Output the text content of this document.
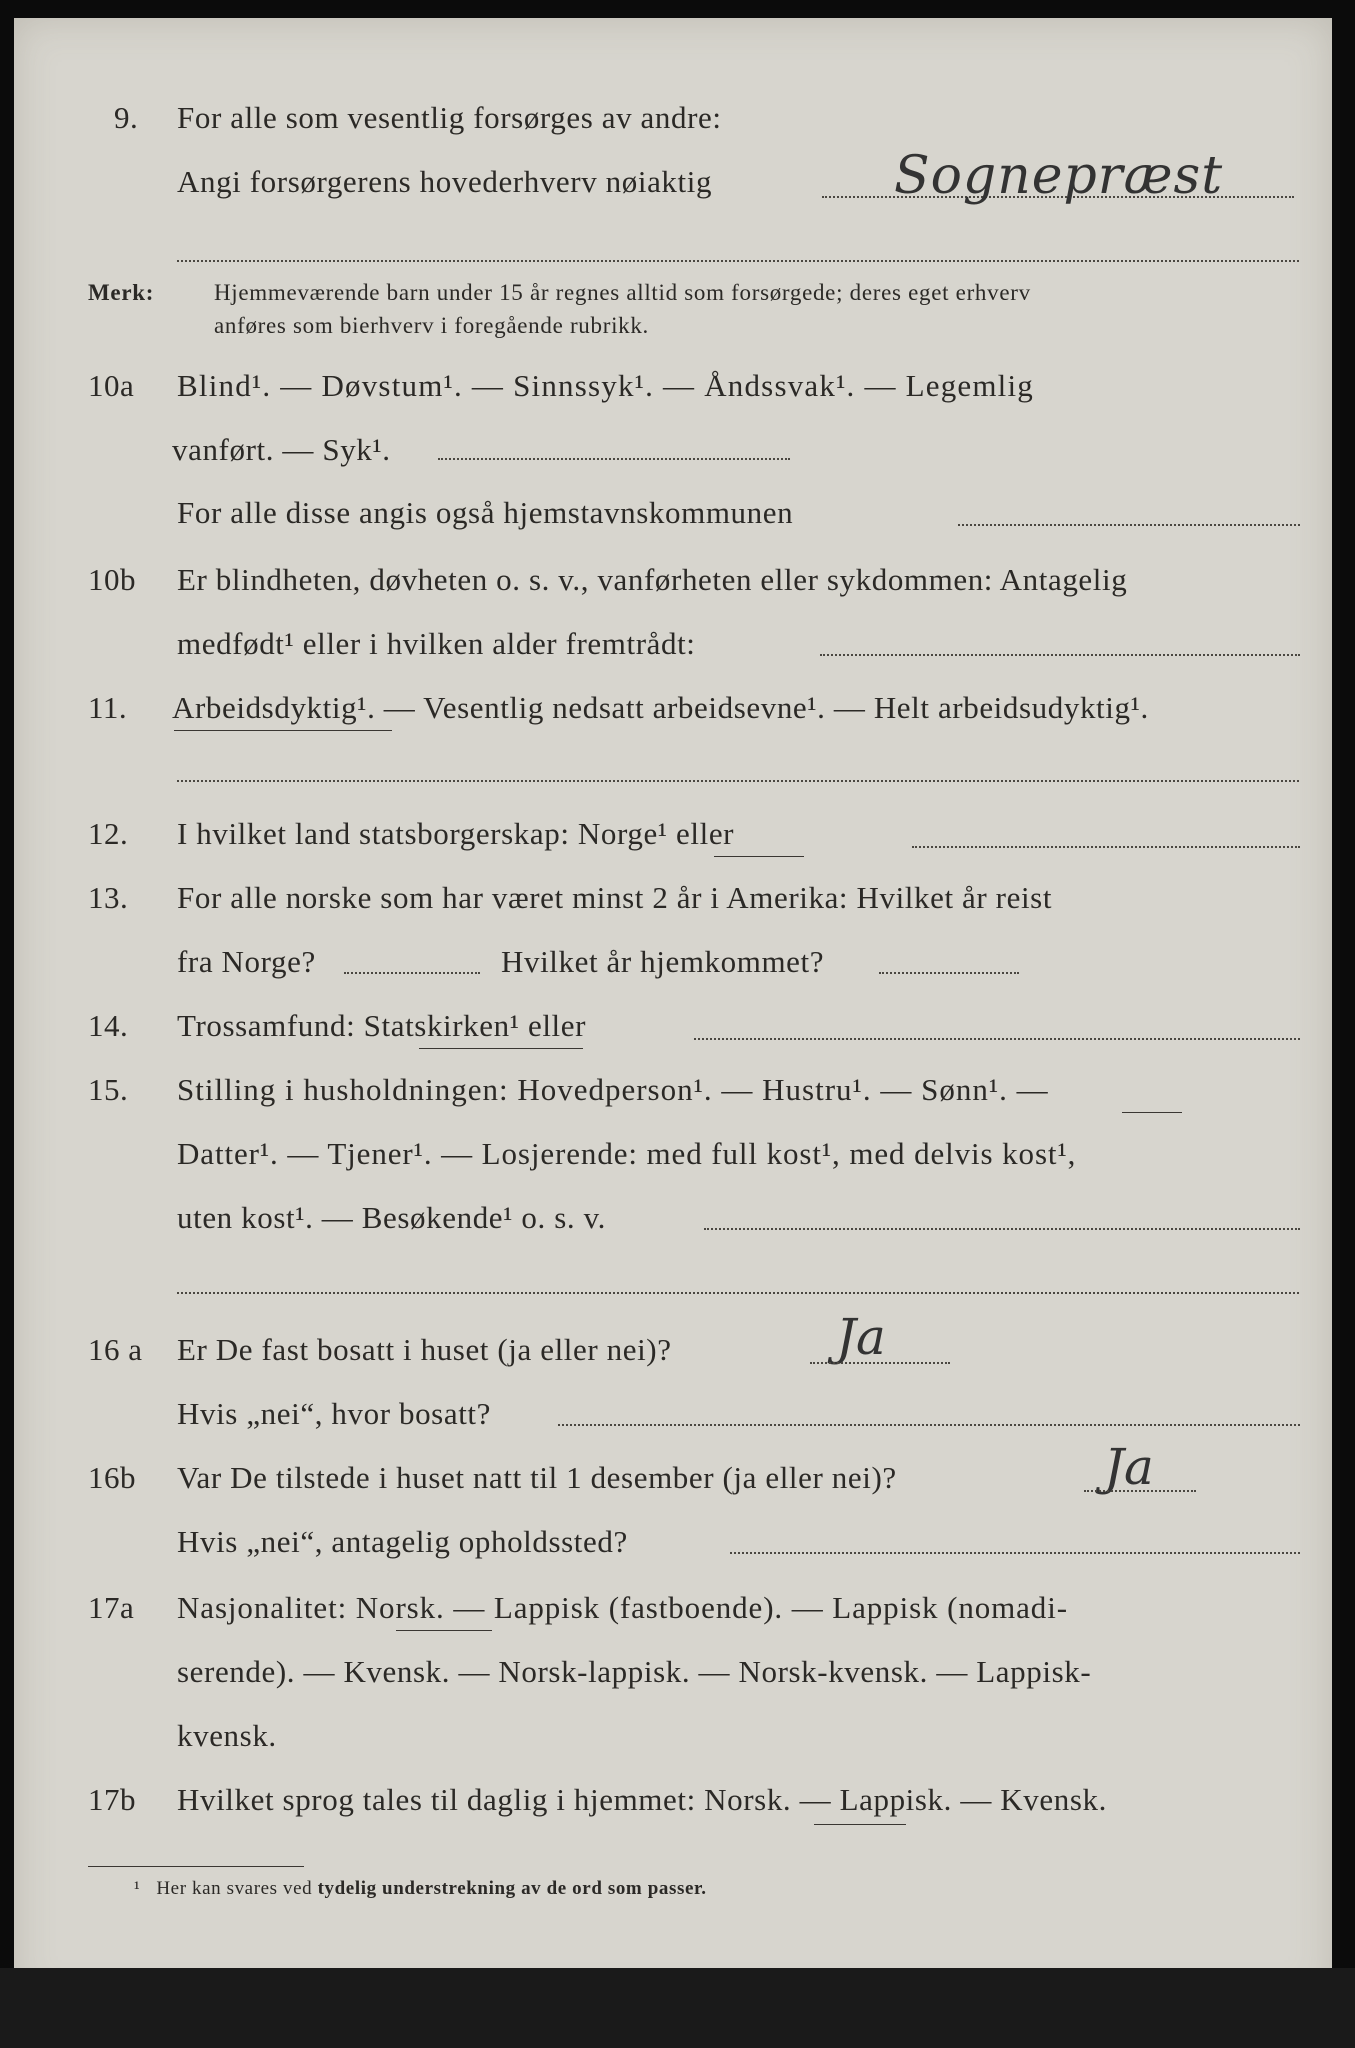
9. For alle som vesentlig forsørges av andre:
Angi forsørgerens hovederhverv nøiaktig	Sognepræst
Merk:	Hjemmeværende barn under 15 år regnes alltid som forsørgede; deres eget erhverv
anføres som bierhverv i foregående rubrikk.
10a Blind¹. — Døvstum¹. — Sinnssyk¹. — Åndssvak¹. — Legemlig
vanført. — Syk¹.
For alle disse angis også hjemstavnskommunen
10b Er blindheten, døvheten o. s. v., vanførheten eller sykdommen: Antagelig
medfødt¹ eller i hvilken alder fremtrådt:
11. Arbeidsdyktig¹. — Vesentlig nedsatt arbeidsevne¹. — Helt arbeidsudyktig¹.
12. I hvilket land statsborgerskap: Norge¹ eller
13. For alle norske som har været minst 2 år i Amerika: Hvilket år reist
fra Norge?	Hvilket år hjemkommet?
14. Trossamfund: Statskirken¹ eller
15. Stilling i husholdningen: Hovedperson¹. — Hustru¹. — Sønn¹. —
Datter¹. — Tjener¹. — Losjerende: med full kost¹, med delvis kost¹,
uten kost¹. — Besøkende¹ o. s. v.
16 a Er De fast bosatt i huset (ja eller nei)?	Ja
Hvis „nei“, hvor bosatt?
16b Var De tilstede i huset natt til 1 desember (ja eller nei)?	Ja
Hvis „nei“, antagelig opholdssted?
17a Nasjonalitet: Norsk. — Lappisk (fastboende). — Lappisk (nomadi-
serende). — Kvensk. — Norsk-lappisk. — Norsk-kvensk. — Lappisk-
kvensk.
17b Hvilket sprog tales til daglig i hjemmet: Norsk. — Lappisk. — Kvensk.
¹ Her kan svares ved tydelig understrekning av de ord som passer.
